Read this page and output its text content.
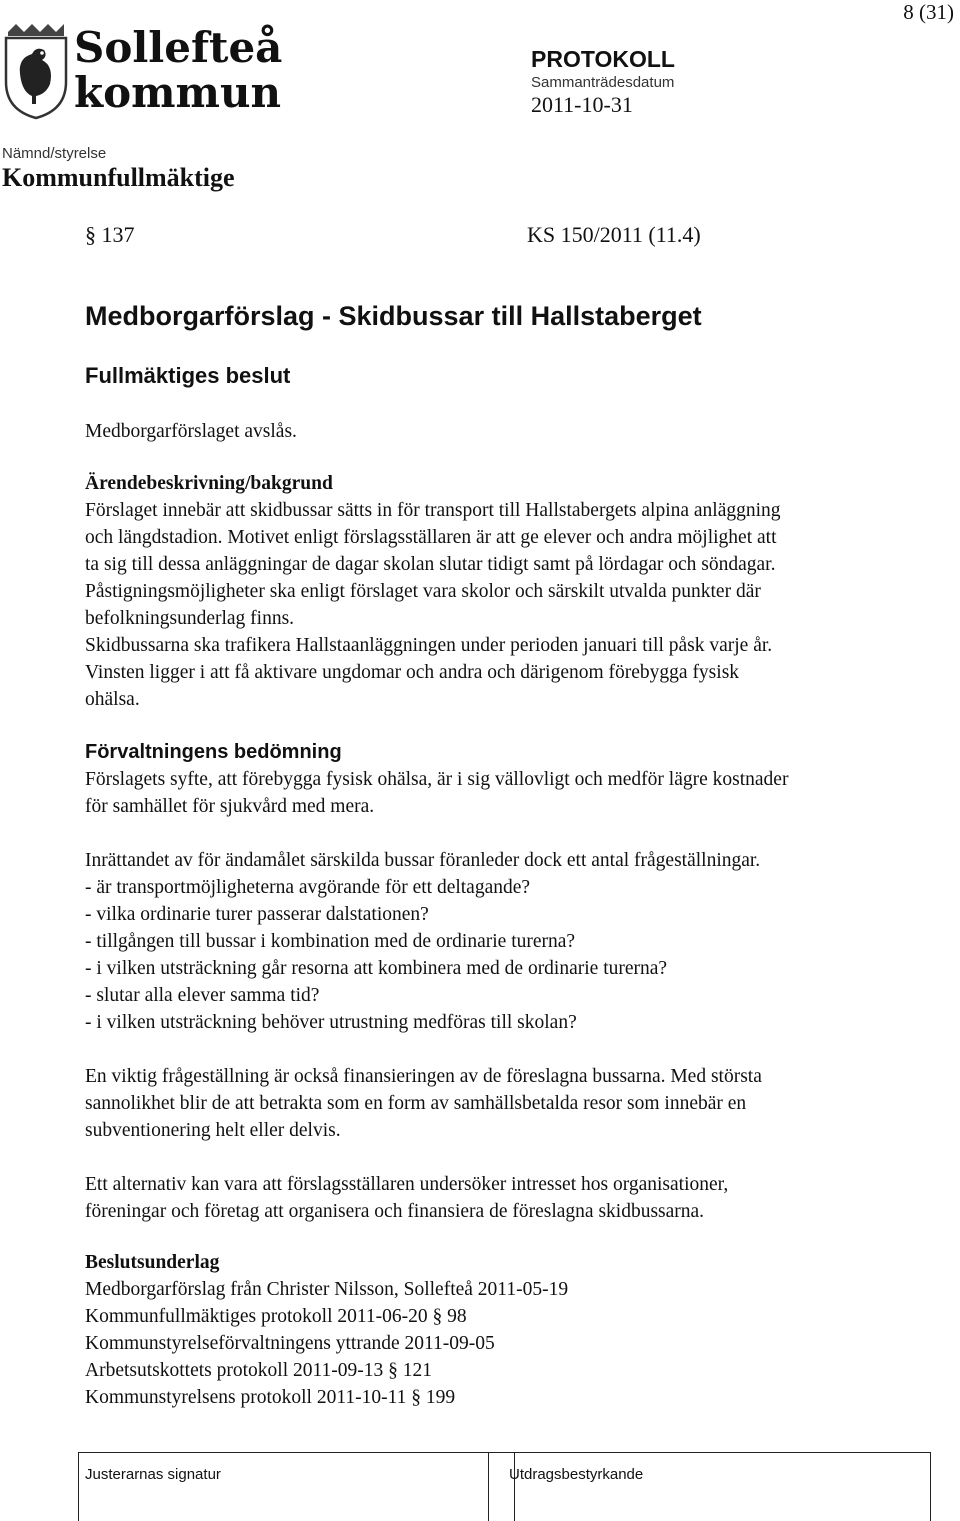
8 (31)
Sollefteå
kommun
PROTOKOLL
Sammanträdesdatum
2011-10-31
Nämnd/styrelse
Kommunfullmäktige
§ 137	KS 150/2011 (11.4)
Medborgarförslag - Skidbussar till Hallstaberget
Fullmäktiges beslut
Medborgarförslaget avslås.

Ärendebeskrivning/bakgrund

Förslaget innebär att skidbussar sätts in för transport till Hallstabergets alpina anläggning

och längdstadion. Motivet enligt förslagsställaren är att ge elever och andra möjlighet att

ta sig till dessa anläggningar de dagar skolan slutar tidigt samt på lördagar och söndagar.

Påstigningsmöjligheter ska enligt förslaget vara skolor och särskilt utvalda punkter där

befolkningsunderlag finns.

Skidbussarna ska trafikera Hallstaanläggningen under perioden januari till påsk varje år.

Vinsten ligger i att få aktivare ungdomar och andra och därigenom förebygga fysisk

ohälsa.

Förvaltningens bedömning

Förslagets syfte, att förebygga fysisk ohälsa, är i sig vällovligt och medför lägre kostnader

för samhället för sjukvård med mera.

Inrättandet av för ändamålet särskilda bussar föranleder dock ett antal frågeställningar.

- är transportmöjligheterna avgörande för ett deltagande?

- vilka ordinarie turer passerar dalstationen?

- tillgången till bussar i kombination med de ordinarie turerna?

- i vilken utsträckning går resorna att kombinera med de ordinarie turerna?

- slutar alla elever samma tid?

- i vilken utsträckning behöver utrustning medföras till skolan?

En viktig frågeställning är också finansieringen av de föreslagna bussarna. Med största

sannolikhet blir de att betrakta som en form av samhällsbetalda resor som innebär en

subventionering helt eller delvis.

Ett alternativ kan vara att förslagsställaren undersöker intresset hos organisationer,

föreningar och företag att organisera och finansiera de föreslagna skidbussarna.

Beslutsunderlag

Medborgarförslag från Christer Nilsson, Sollefteå 2011-05-19

Kommunfullmäktiges protokoll 2011-06-20 § 98

Kommunstyrelseförvaltningens yttrande 2011-09-05

Arbetsutskottets protokoll 2011-09-13 § 121

Kommunstyrelsens protokoll 2011-10-11 § 199

Justerarnas signatur	Utdragsbestyrkande
